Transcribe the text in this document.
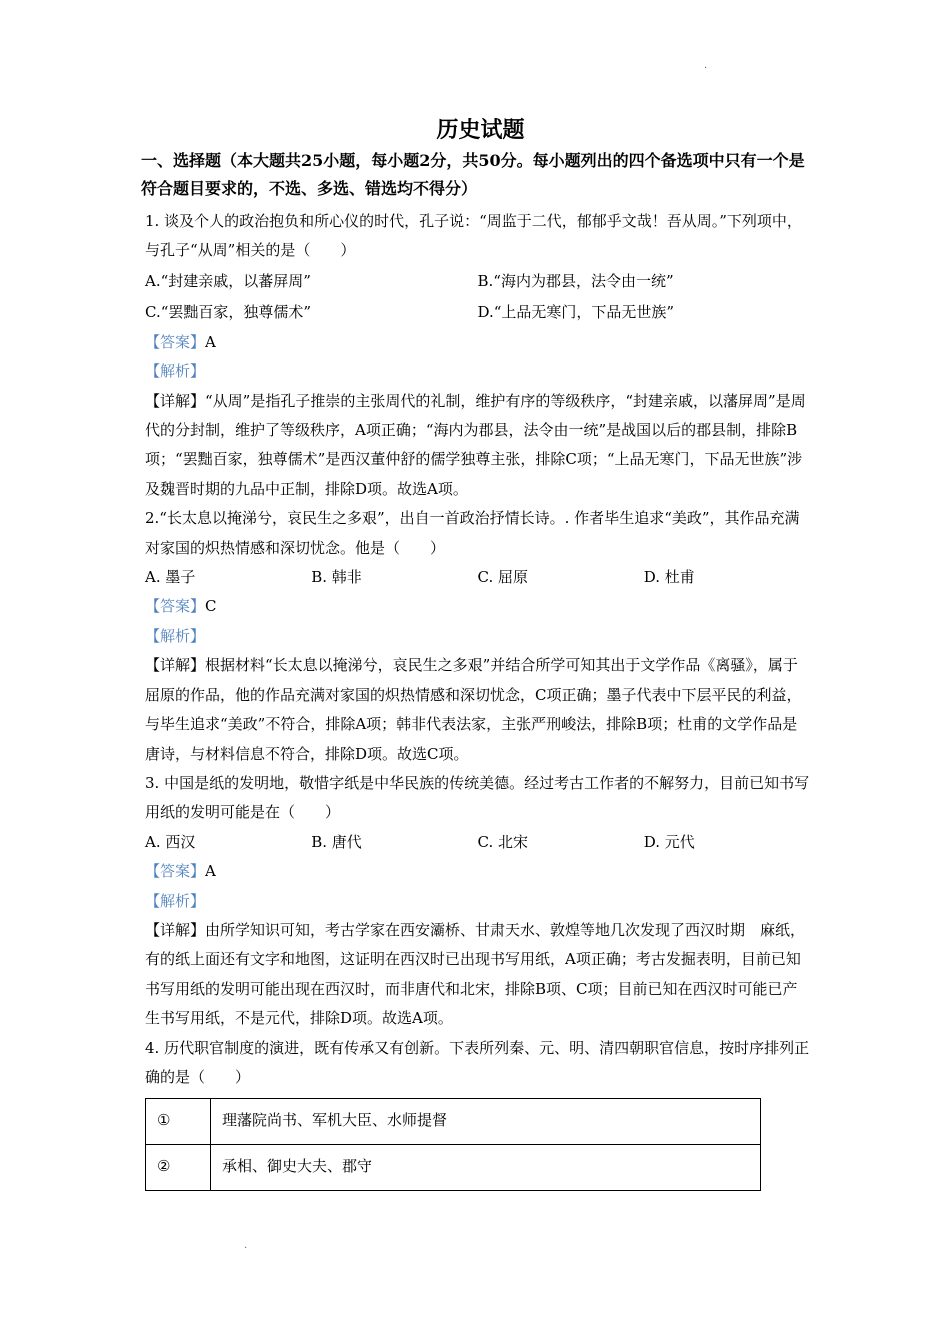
·
历史试题
一、选择题（本大题共25小题，每小题2分，共50分。每小题列出的四个备选项中只有一个是符合题目要求的，不选、多选、错选均不得分）

1. 谈及个人的政治抱负和所心仪的时代，孔子说：“周监于二代，郁郁乎文哉！吾从周。”下列项中，与孔子“从周”相关的是（　　）

A.“封建亲戚，以蕃屏周”	B.“海内为郡县，法令由一统”
C.“罢黜百家，独尊儒术”	D.“上品无寒门，下品无世族”

【答案】A

【解析】

【详解】“从周”是指孔子推崇的主张周代的礼制，维护有序的等级秩序，“封建亲戚，以藩屏周”是周代的分封制，维护了等级秩序，A项正确；“海内为郡县，法令由一统”是战国以后的郡县制，排除B项；“罢黜百家，独尊儒术”是西汉董仲舒的儒学独尊主张，排除C项；“上品无寒门，下品无世族”涉及魏晋时期的九品中正制，排除D项。故选A项。

2.“长太息以掩涕兮，哀民生之多艰”，出自一首政治抒情长诗。. 作者毕生追求“美政”，其作品充满对家国的炽热情感和深切忧念。他是（　　）

A. 墨子	B. 韩非	C. 屈原	D. 杜甫

【答案】C

【解析】

【详解】根据材料“长太息以掩涕兮，哀民生之多艰”并结合所学可知其出于文学作品《离骚》，属于屈原的作品，他的作品充满对家国的炽热情感和深切忧念，C项正确；墨子代表中下层平民的利益，与毕生追求“美政”不符合，排除A项；韩非代表法家，主张严刑峻法，排除B项；杜甫的文学作品是唐诗，与材料信息不符合，排除D项。故选C项。

3. 中国是纸的发明地，敬惜字纸是中华民族的传统美德。经过考古工作者的不解努力，目前已知书写用纸的发明可能是在（　　）

A. 西汉	B. 唐代	C. 北宋	D. 元代

【答案】A

【解析】

【详解】由所学知识可知，考古学家在西安灞桥、甘肃天水、敦煌等地几次发现了西汉时期　麻纸，有的纸上面还有文字和地图，这证明在西汉时已出现书写用纸，A项正确；考古发掘表明，目前已知书写用纸的发明可能出现在西汉时，而非唐代和北宋，排除B项、C项；目前已知在西汉时可能已产生书写用纸，不是元代，排除D项。故选A项。

4. 历代职官制度的演进，既有传承又有创新。下表所列秦、元、明、清四朝职官信息，按时序排列正确的是（　　）

①	理藩院尚书、军机大臣、水师提督
②	承相、御史大夫、郡守
·
